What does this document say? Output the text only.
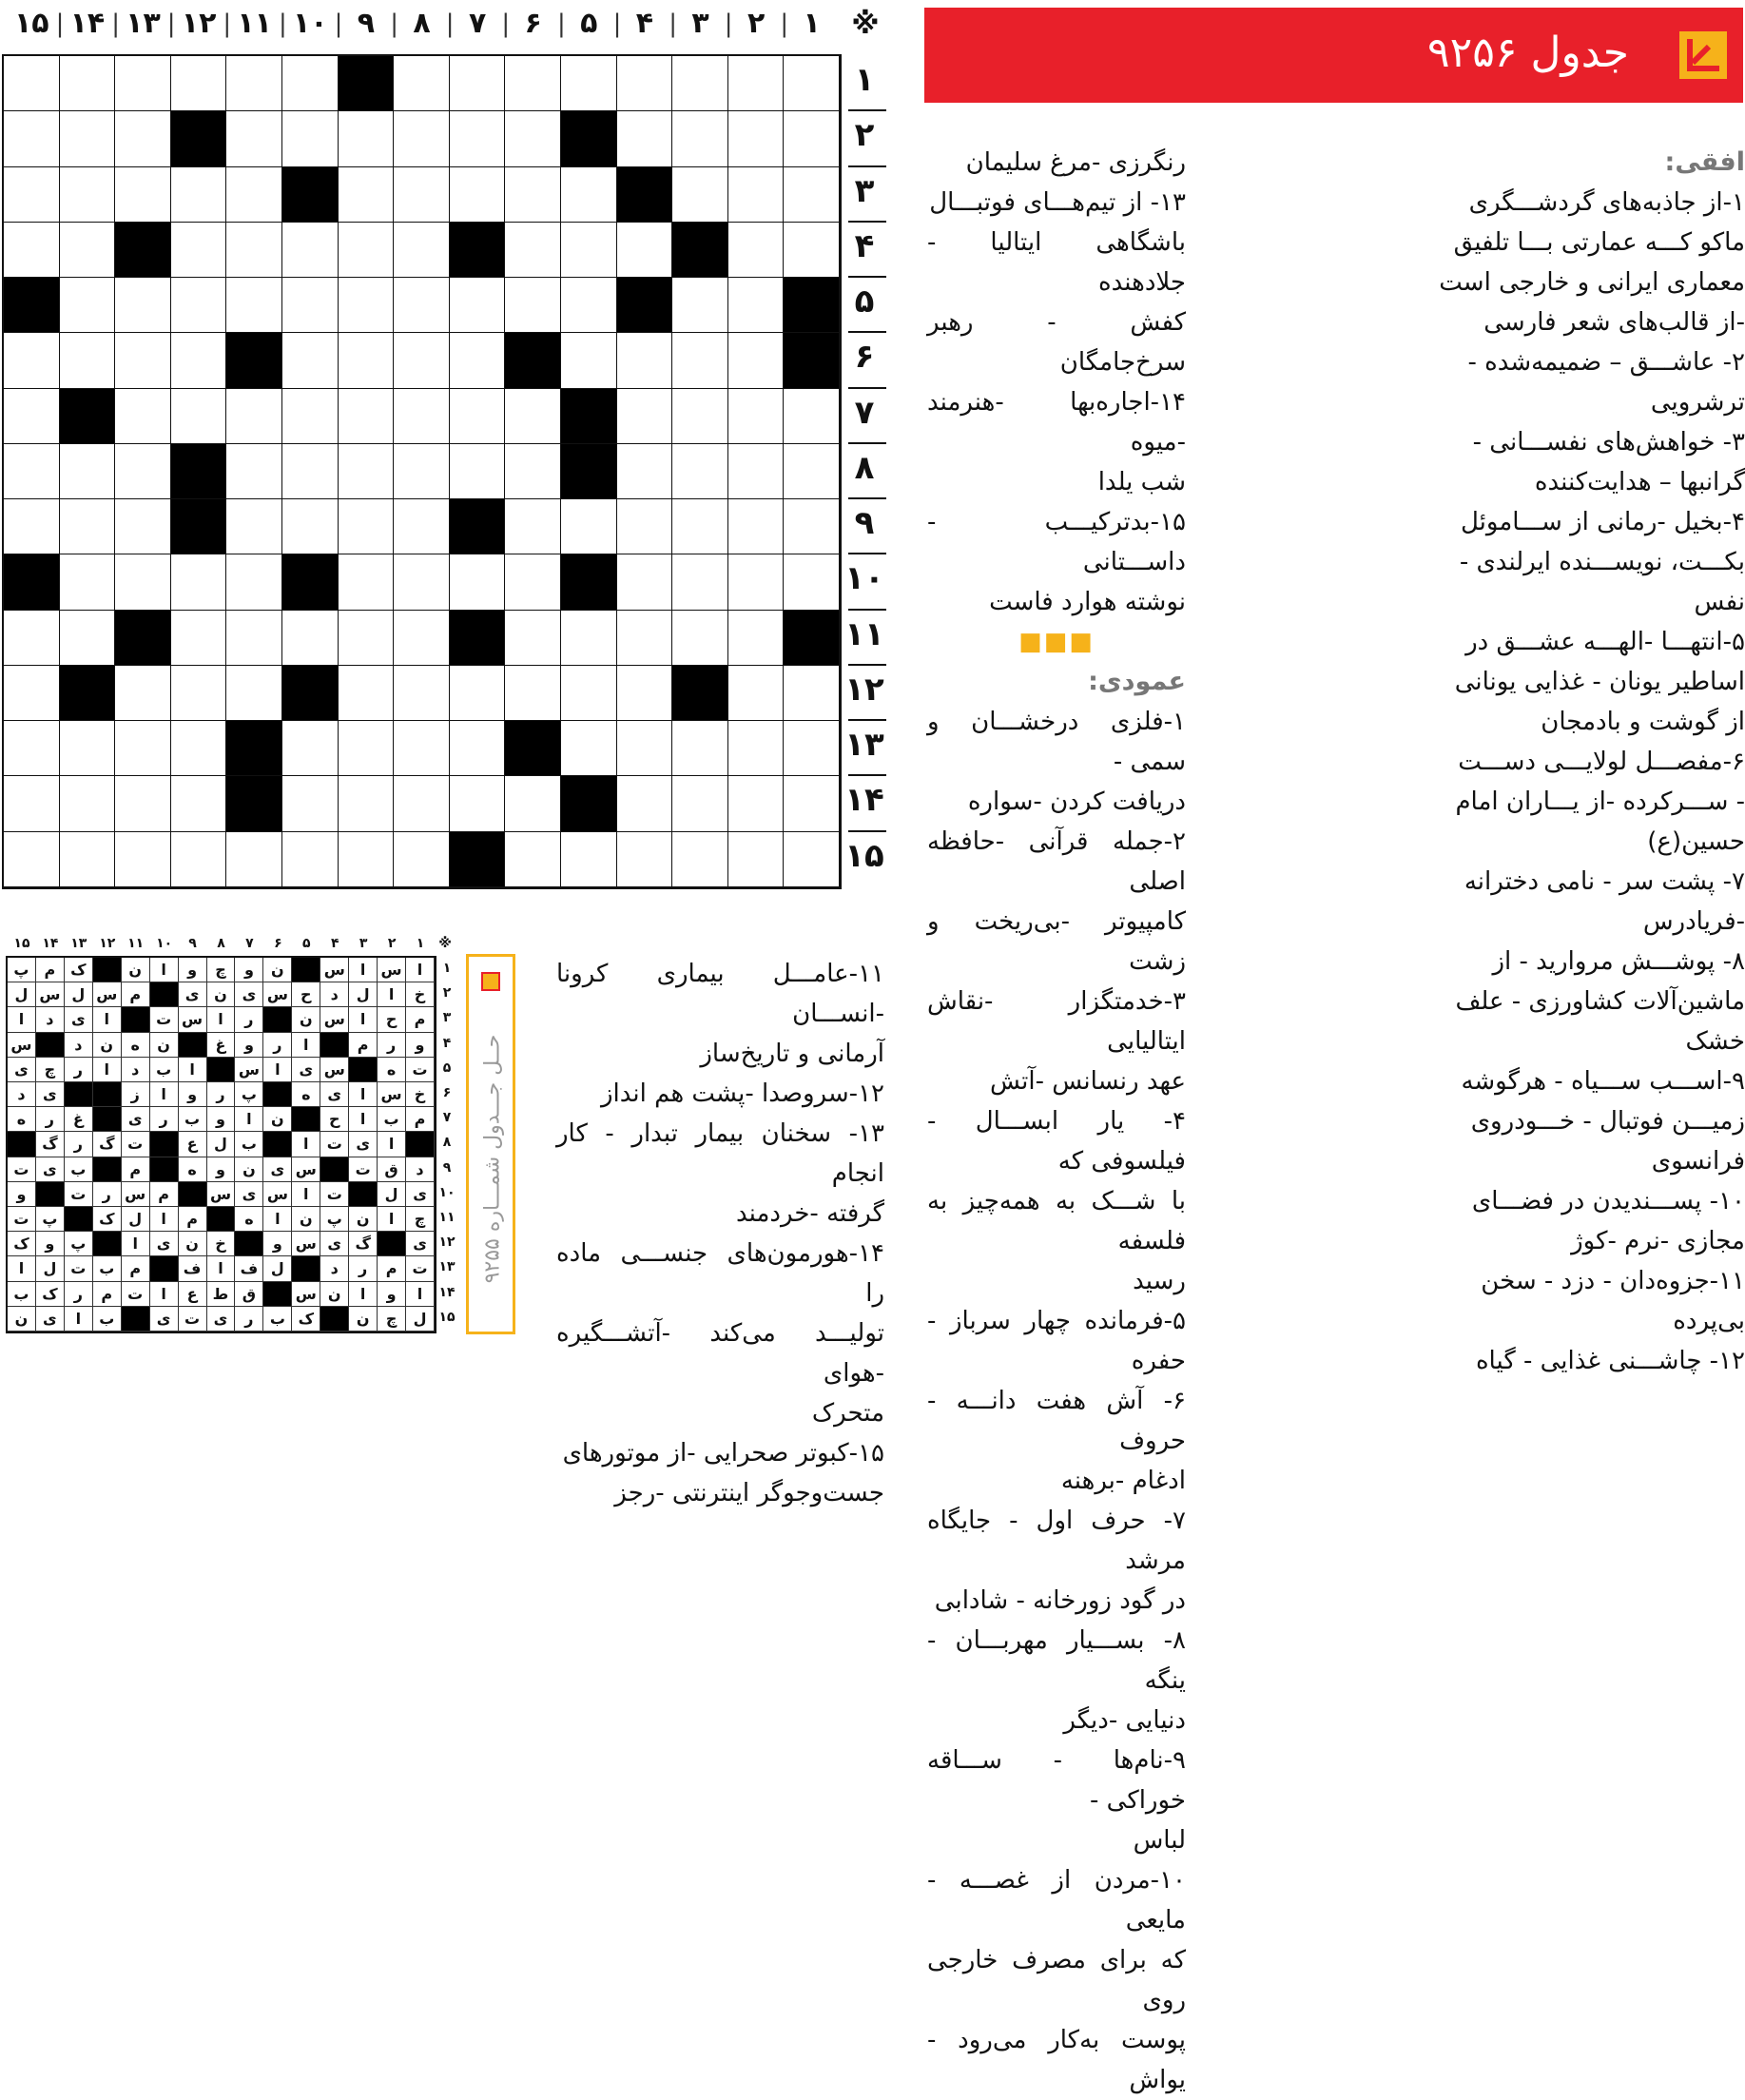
※
جدول ۹۲۵۶

افقی:

۱-از جاذبه‌های گردشـــگری

ماکو کـــه عمارتی بـــا تلفیق

معماری ایرانی و خارجی است

-از قالب‌های شعر فارسی

۲- عاشـــق – ضمیمه‌شده -

ترشرویی

۳- خواهش‌های نفســـانی -

گرانبها – هدایت‌کننده

۴-بخیل -رمانی از ســـاموئل

بکـــت، نویســـنده ایرلندی -

نفس

۵-انتهـــا -الهـــه عشـــق در

اساطیر یونان - غذایی یونانی

از گوشت و بادمجان

۶-مفصـــل لولایـــی دســـت

- ســـرکرده -از یـــاران امام

حسین(ع)

۷- پشت سر - نامی دخترانه

-فریادرس

۸- پوشـــش مروارید - از

ماشین‌آلات کشاورزی - علف

خشک

۹-اســـب ســـیاه - هرگوشه

زمیـــن فوتبال - خـــودروی

فرانسوی

۱۰- پســـندیدن در فضـــای

مجازی -نرم -کوژ

۱۱-جزوه‌دان - دزد - سخن

بی‌پرده

۱۲- چاشـــنی غذایی - گیاه

رنگرزی -مرغ سلیمان

۱۳- از تیم‌هـــای فوتبـــال

باشگاهی ایتالیا - جلادهنده

کفش - رهبر سرخ‌جامگان

۱۴-اجاره‌بها -هنرمند -میوه

شب یلدا

۱۵-بدترکیـــب - داســـتانی

نوشته هوارد فاست

■■■

عمودی:

۱-فلزی درخشـــان و سمی -

دریافت کردن -سواره

۲-جمله قرآنی -حافظه اصلی

کامپیوتر -بی‌ریخت و زشت

۳-خدمتگزار -نقاش ایتالیایی

عهد رنسانس -آتش

۴- یار ابســـال - فیلسوفی که

با شـــک به همه‌چیز به فلسفه

رسید

۵-فرمانده چهار سرباز - حفره

۶- آش هفت دانـــه - حروف

ادغام -برهنه

۷- حرف اول - جایگاه مرشد

در گود زورخانه - شادابی

۸- بســـیار مهربـــان - ینگه

دنیایی -دیگر

۹-نام‌ها - ســـاقه خوراکی -

لباس

۱۰-مردن از غصـــه - مایعی

که برای مصرف خارجی روی

پوست به‌کار می‌رود - یواش

۱۱-عامـــل بیماری کرونا -انســـان

آرمانی و تاریخ‌ساز

۱۲-سروصدا -پشت هم انداز

۱۳- سخنان بیمار تبدار - کار انجام

گرفته -خردمند

۱۴-هورمون‌های جنســـی ماده را

تولیـــد می‌کند -آتشـــگیره -هوای

متحرک

۱۵-کبوتر صحرایی -از موتورهای

جست‌وجوگر اینترنتی -رجز

ا
س
ا
س
ن
و
چ
و
ا
ن
ک
م
پ
خ
ا
ل
د
ح
س
ی
ن
ی
م
س
ل
س
ل
م
ح
ا
س
ن
ر
ا
س
ت
ا
ی
د
ا
و
ر
م
ا
ر
و
غ
ن
ه
ن
د
س
ت
ه
س
ی
ا
س
ا
ب
د
ا
ر
چ
ی
خ
س
ا
ی
ه
پ
ر
و
ا
ز
ی
د
م
ب
ا
ح
ن
ا
و
ب
ر
ی
غ
ر
ه
ا
ی
ت
ا
ب
ل
ع
ت
گ
ر
گ
د
ق
ت
س
ی
ن
و
ه
م
ب
ی
ت
ی
ل
ت
ا
س
ی
س
م
س
ر
ت
و
چ
ا
ن
پ
ن
ا
ه
م
ا
ل
ک
پ
ت
ی
گ
ی
س
و
خ
ن
ی
ا
پ
و
ک
ت
م
ر
د
ل
ف
ا
ف
م
ب
ت
ل
ا
ا
و
ا
ن
س
ق
ط
ع
ا
ت
م
ر
ک
ب
ل
چ
ن
ک
ب
ر
ی
ت
ی
ب
ا
ی
ن
حــل جـــدول شمـــاره ۹۲۵۵
۱
|
۲
|
۳
|
۴
|
۵
|
۶
|
۷
|
۸
|
۹
|
۱۰
|
۱۱
|
۱۲
|
۱۳
|
۱۴
|
۱۵
۱
۲
۳
۴
۵
۶
۷
۸
۹
۱۰
۱۱
۱۲
۱۳
۱۴
۱۵
۱
۲
۳
۴
۵
۶
۷
۸
۹
۱۰
۱۱
۱۲
۱۳
۱۴
۱۵	※
۱
۲
۳
۴
۵
۶
۷
۸
۹
۱۰
۱۱
۱۲
۱۳
۱۴
۱۵
